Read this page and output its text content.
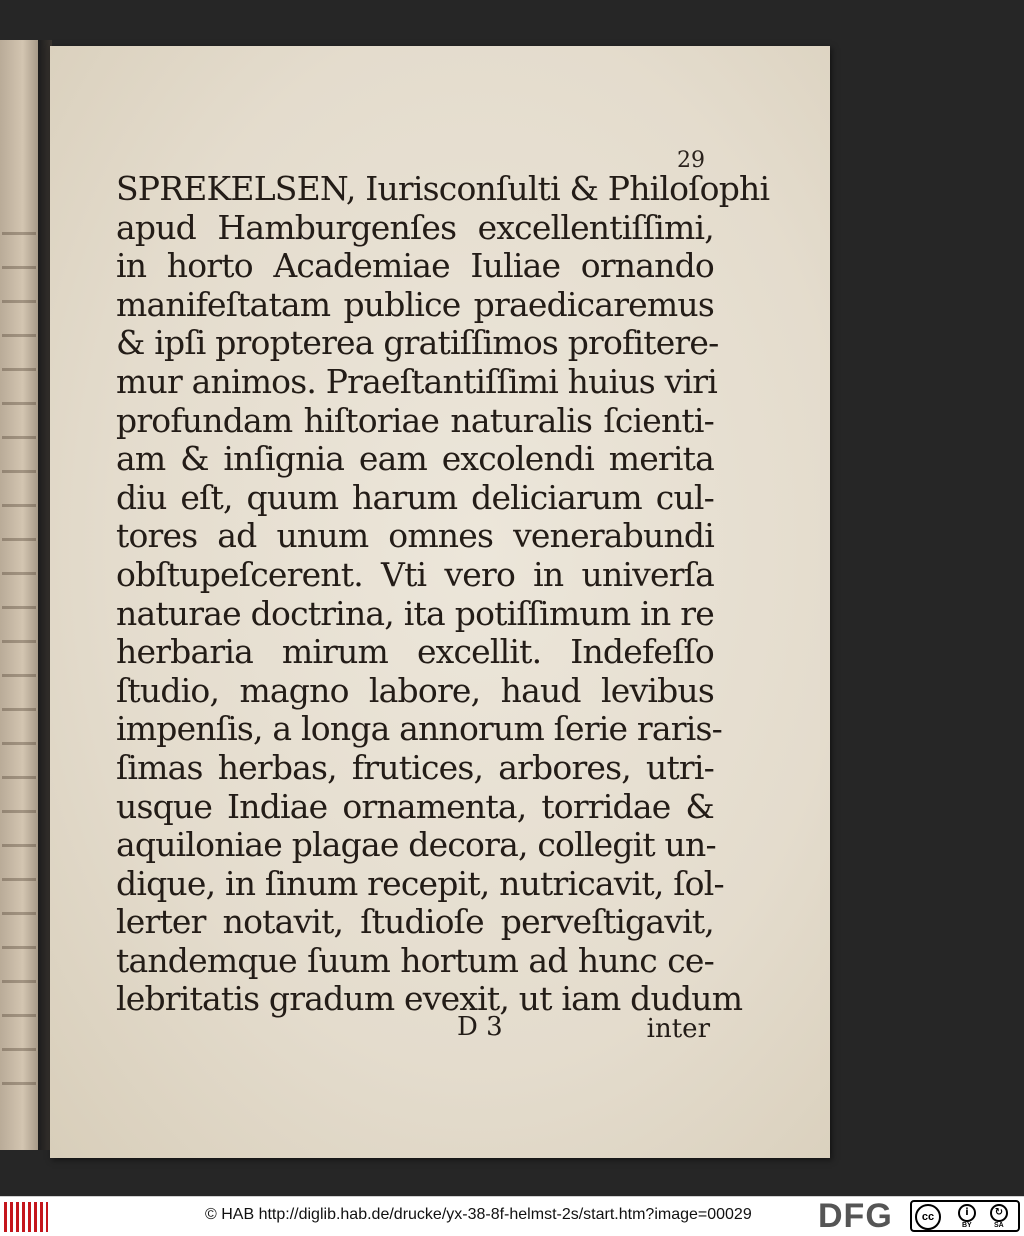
29
SPREKELSEN, Iurisconſulti & Philoſophi
apud Hamburgenſes excellentiſſimi,
in horto Academiae Iuliae ornando
manifeſtatam publice praedicaremus
& ipſi propterea gratiſſimos profitere-
mur animos. Praeſtantiſſimi huius viri
profundam hiſtoriae naturalis ſcienti-
am & inſignia eam excolendi merita
diu eſt, quum harum deliciarum cul-
tores ad unum omnes venerabundi
obſtupeſcerent. Vti vero in univerſa
naturae doctrina, ita potiſſimum in re
herbaria mirum excellit. Indefeſſo
ſtudio, magno labore, haud levibus
impenſis, a longa annorum ſerie raris-
ſimas herbas, frutices, arbores, utri-
usque Indiae ornamenta, torridae &
aquiloniae plagae decora, collegit un-
dique, in ſinum recepit, nutricavit, ſol-
lerter notavit, ſtudioſe perveſtigavit,
tandemque ſuum hortum ad hunc ce-
lebritatis gradum evexit, ut iam dudum
D 3	inter
© HAB http://diglib.hab.de/drucke/yx-38-8f-helmst-2s/start.htm?image=00029 DFG	cc	i	↻
BY	SA
